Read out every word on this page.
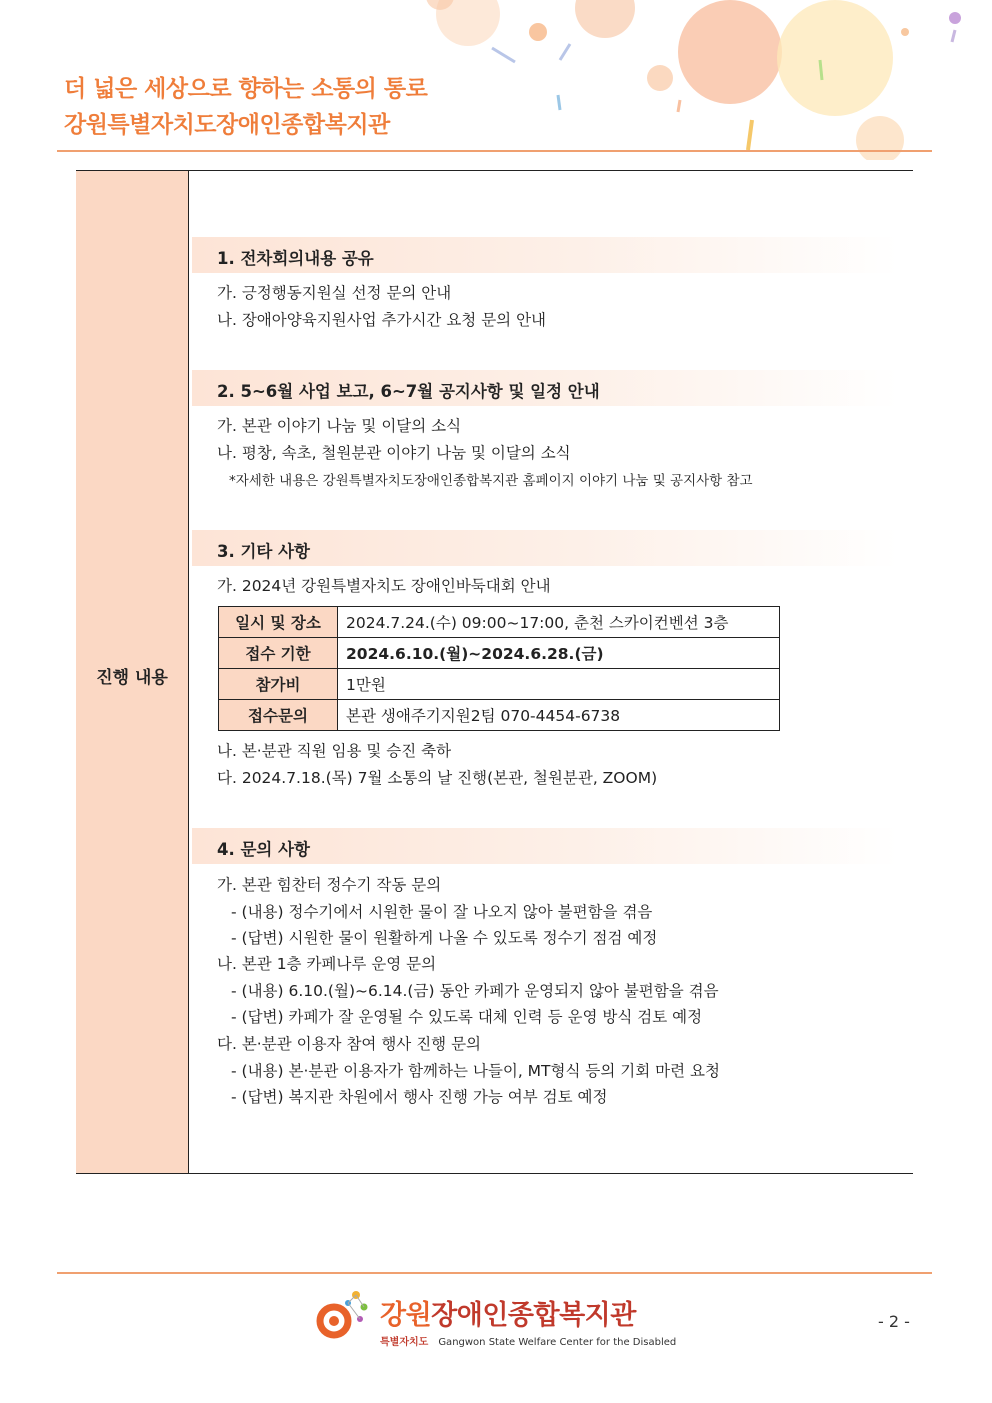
더 넓은 세상으로 향하는 소통의 통로
강원특별자치도장애인종합복지관
진행 내용
1. 전차회의내용 공유
가. 긍정행동지원실 선정 문의 안내
나. 장애아양육지원사업 추가시간 요청 문의 안내
2. 5~6월 사업 보고, 6~7월 공지사항 및 일정 안내
가. 본관 이야기 나눔 및 이달의 소식
나. 평창, 속초, 철원분관 이야기 나눔 및 이달의 소식
*자세한 내용은 강원특별자치도장애인종합복지관 홈페이지 이야기 나눔 및 공지사항 참고
3. 기타 사항
가. 2024년 강원특별자치도 장애인바둑대회 안내
일시 및 장소	2024.7.24.(수) 09:00~17:00, 춘천 스카이컨벤션 3층
접수 기한	2024.6.10.(월)~2024.6.28.(금)
참가비	1만원
접수문의	본관 생애주기지원2팀 070-4454-6738
나. 본·분관 직원 임용 및 승진 축하
다. 2024.7.18.(목) 7월 소통의 날 진행(본관, 철원분관, ZOOM)
4. 문의 사항
가. 본관 힘찬터 정수기 작동 문의
- (내용) 정수기에서 시원한 물이 잘 나오지 않아 불편함을 겪음
- (답변) 시원한 물이 원활하게 나올 수 있도록 정수기 점검 예정
나. 본관 1층 카페나루 운영 문의
- (내용) 6.10.(월)~6.14.(금) 동안 카페가 운영되지 않아 불편함을 겪음
- (답변) 카페가 잘 운영될 수 있도록 대체 인력 등 운영 방식 검토 예정
다. 본·분관 이용자 참여 행사 진행 문의
- (내용) 본·분관 이용자가 함께하는 나들이, MT형식 등의 기회 마련 요청
- (답변) 복지관 차원에서 행사 진행 가능 여부 검토 예정
강원장애인종합복지관
특별자치도 Gangwon State Welfare Center for the Disabled
- 2 -
